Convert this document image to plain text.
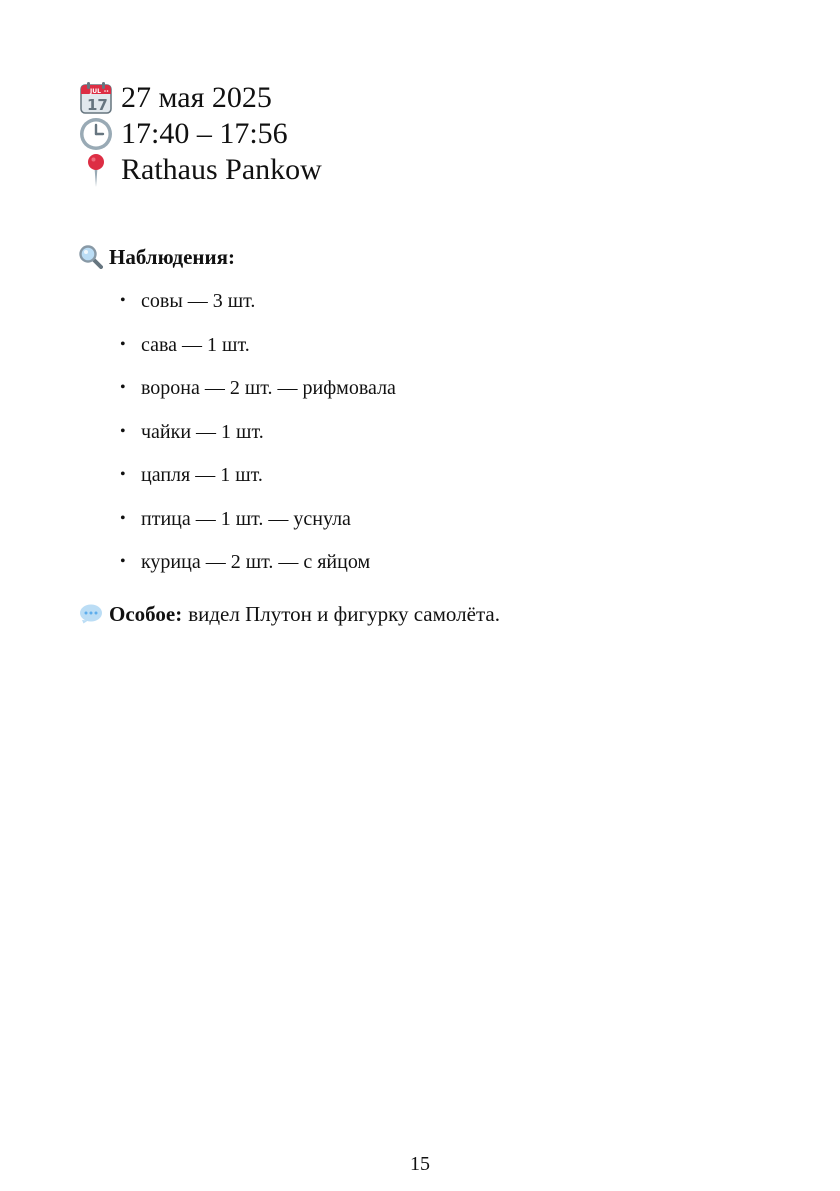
JUL
17 27 мая 2025
17:40 – 17:56
Rathaus Pankow
Наблюдения:
• совы — 3 шт.
• сава — 1 шт.
• ворона — 2 шт. — рифмовала
• чайки — 1 шт.
• цапля — 1 шт.
• птица — 1 шт. — уснула
• курица — 2 шт. — с яйцом
Особое: видел Плутон и фигурку самолёта.
15
